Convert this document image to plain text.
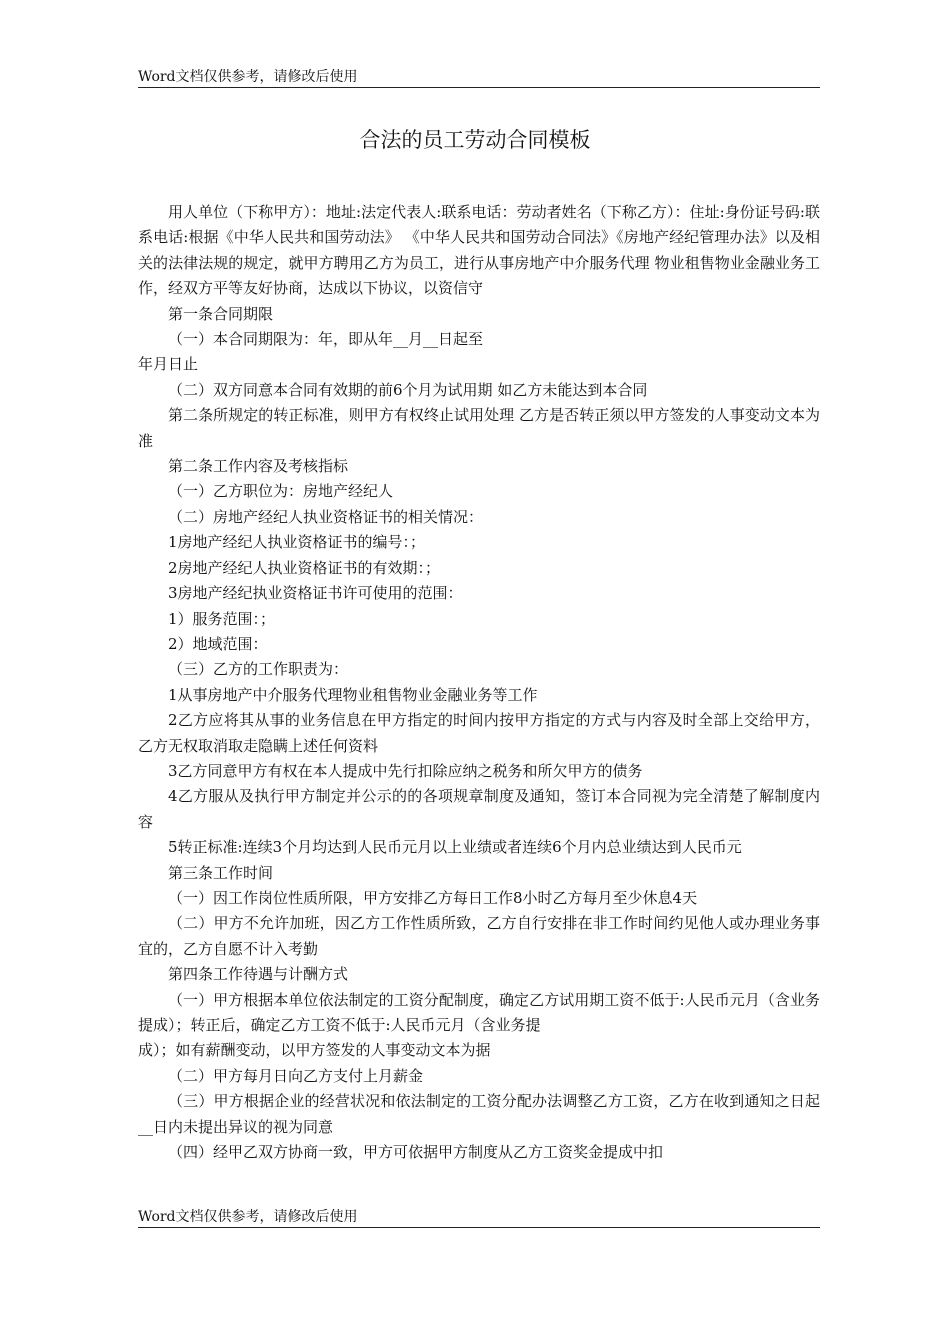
Word文档仅供参考，请修改后使用
合法的员工劳动合同模板

用人单位（下称甲方）：地址:法定代表人:联系电话：劳动者姓名（下称乙方）：住址:身份证号码:联系电话:根据《中华人民共和国劳动法》 《中华人民共和国劳动合同法》《房地产经纪管理办法》以及相关的法律法规的规定，就甲方聘用乙方为员工，进行从事房地产中介服务代理 物业租售物业金融业务工作，经双方平等友好协商，达成以下协议，以资信守

第一条合同期限

（一）本合同期限为：年，即从年__月__日起至

年月日止

（二）双方同意本合同有效期的前6个月为试用期 如乙方未能达到本合同

第二条所规定的转正标准，则甲方有权终止试用处理 乙方是否转正须以甲方签发的人事变动文本为准

第二条工作内容及考核指标

（一）乙方职位为：房地产经纪人

（二）房地产经纪人执业资格证书的相关情况：

1房地产经纪人执业资格证书的编号：；

2房地产经纪人执业资格证书的有效期：；

3房地产经纪执业资格证书许可使用的范围：

1）服务范围：；

2）地域范围：

（三）乙方的工作职责为：

1从事房地产中介服务代理物业租售物业金融业务等工作

2乙方应将其从事的业务信息在甲方指定的时间内按甲方指定的方式与内容及时全部上交给甲方，乙方无权取消取走隐瞒上述任何资料

3乙方同意甲方有权在本人提成中先行扣除应纳之税务和所欠甲方的债务

4乙方服从及执行甲方制定并公示的的各项规章制度及通知，签订本合同视为完全清楚了解制度内容

5转正标准:连续3个月均达到人民币元月以上业绩或者连续6个月内总业绩达到人民币元

第三条工作时间

（一）因工作岗位性质所限，甲方安排乙方每日工作8小时乙方每月至少休息4天

（二）甲方不允许加班，因乙方工作性质所致，乙方自行安排在非工作时间约见他人或办理业务事宜的，乙方自愿不计入考勤

第四条工作待遇与计酬方式

（一）甲方根据本单位依法制定的工资分配制度，确定乙方试用期工资不低于:人民币元月（含业务提成）；转正后，确定乙方工资不低于:人民币元月（含业务提

成）；如有薪酬变动，以甲方签发的人事变动文本为据

（二）甲方每月日向乙方支付上月薪金

（三）甲方根据企业的经营状况和依法制定的工资分配办法调整乙方工资，乙方在收到通知之日起__日内未提出异议的视为同意

（四）经甲乙双方协商一致，甲方可依据甲方制度从乙方工资奖金提成中扣

Word文档仅供参考，请修改后使用
